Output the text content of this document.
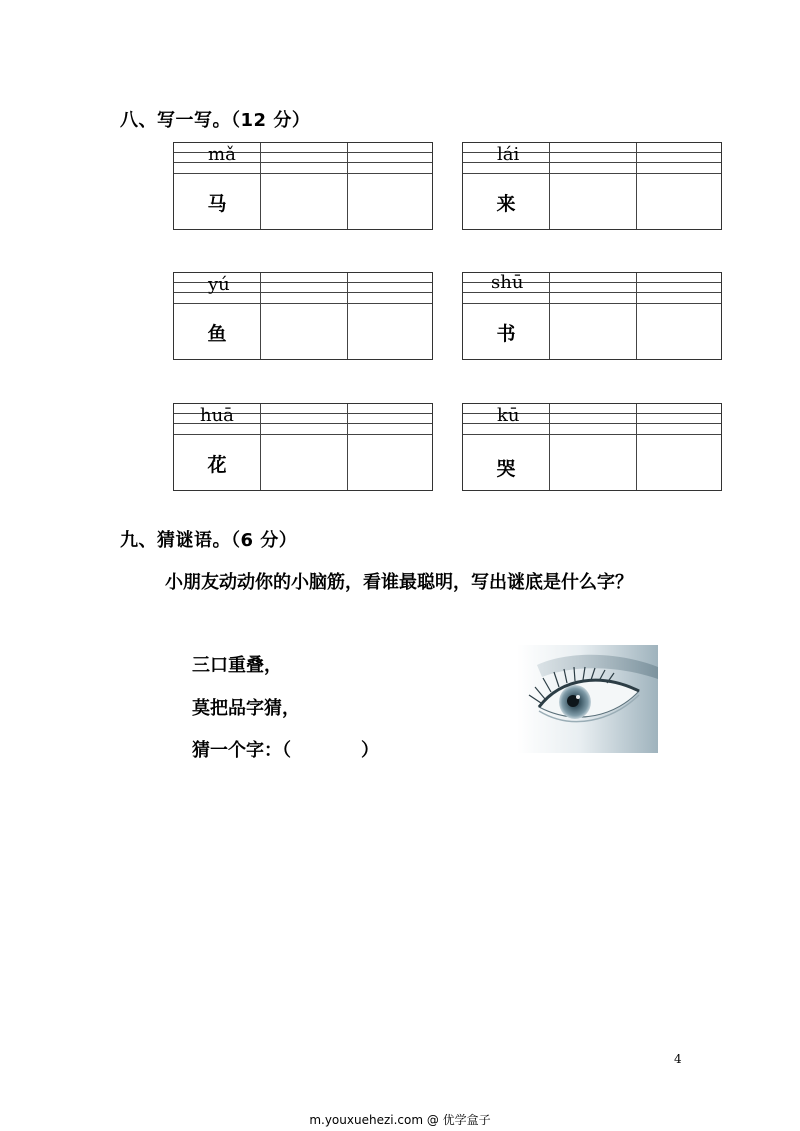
八、写一写。（12 分）
mǎ
马
lái
来
yú
鱼
shū
书
huā
花
kū
哭
九、猜谜语。（6 分）
小朋友动动你的小脑筋，看谁最聪明，写出谜底是什么字？
三口重叠，
莫把品字猜，
猜一个字：（	）
4
m.youxuehezi.com @ 优学盒子
